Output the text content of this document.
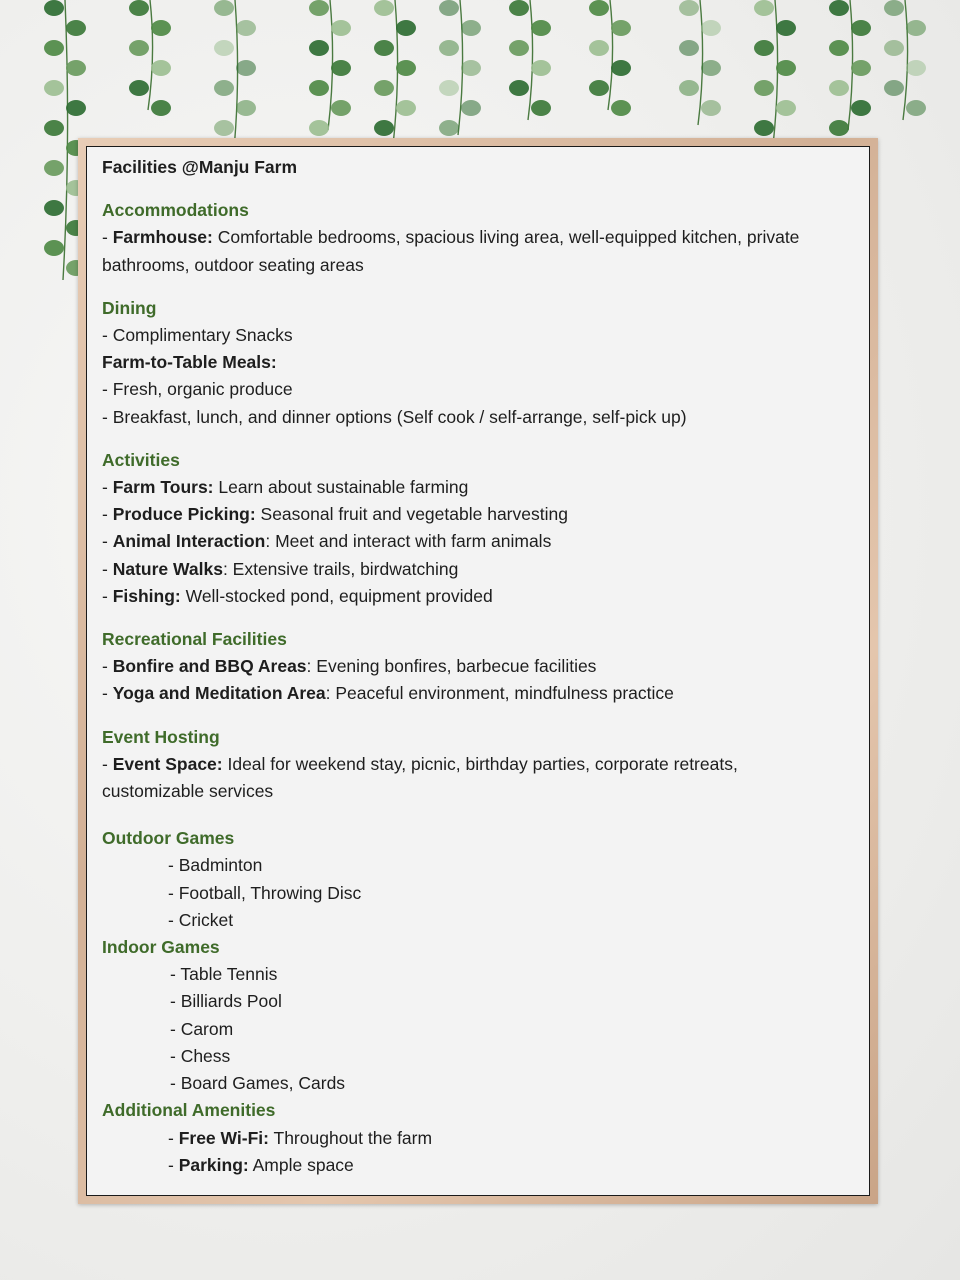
Facilities @Manju Farm

Accommodations

- Farmhouse: Comfortable bedrooms, spacious living area, well-equipped kitchen, private

bathrooms, outdoor seating areas

Dining

- Complimentary Snacks

Farm-to-Table Meals:

- Fresh, organic produce

- Breakfast, lunch, and dinner options (Self cook / self-arrange, self-pick up)

Activities

- Farm Tours: Learn about sustainable farming

- Produce Picking: Seasonal fruit and vegetable harvesting

- Animal Interaction: Meet and interact with farm animals

- Nature Walks: Extensive trails, birdwatching

- Fishing: Well-stocked pond, equipment provided

Recreational Facilities

- Bonfire and BBQ Areas: Evening bonfires, barbecue facilities

- Yoga and Meditation Area: Peaceful environment, mindfulness practice

Event Hosting

- Event Space: Ideal for weekend stay, picnic, birthday parties, corporate retreats,

customizable services

Outdoor Games

- Badminton

- Football, Throwing Disc

- Cricket

Indoor Games

- Table Tennis

- Billiards Pool

- Carom

- Chess

- Board Games, Cards

Additional Amenities

- Free Wi-Fi: Throughout the farm

- Parking: Ample space
